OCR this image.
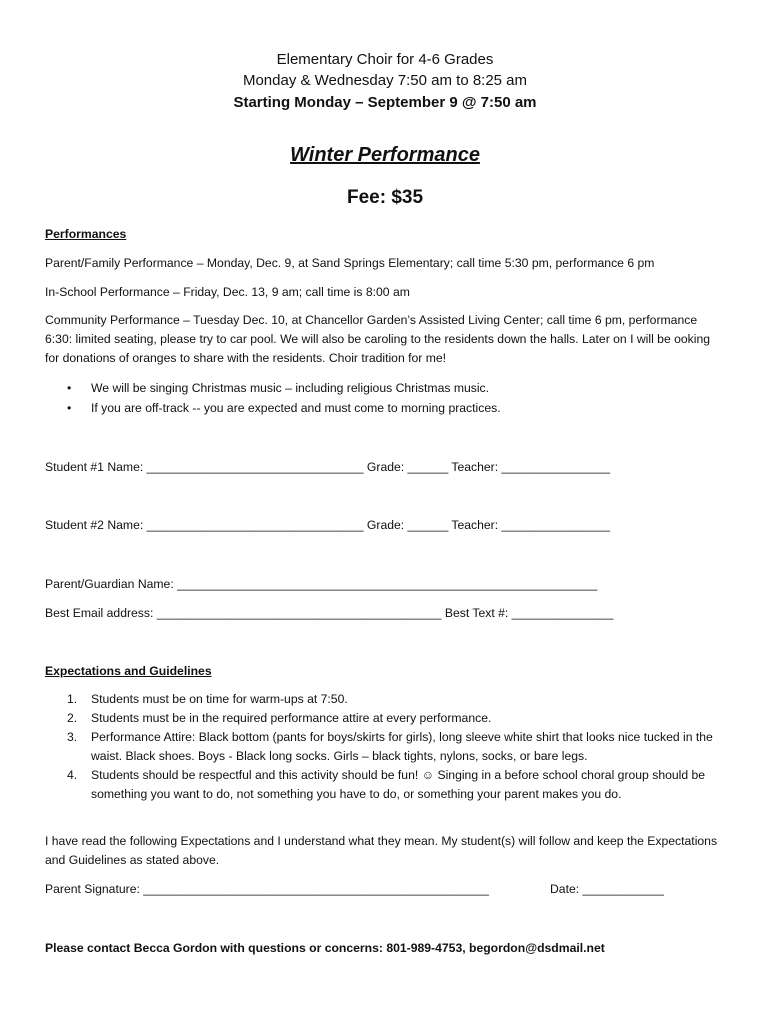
Elementary Choir for 4-6 Grades
Monday & Wednesday 7:50 am to 8:25 am
Starting Monday – September 9 @ 7:50 am
Winter Performance
Fee: $35
Performances
Parent/Family Performance – Monday, Dec. 9, at Sand Springs Elementary; call time 5:30 pm, performance 6 pm
In-School Performance – Friday, Dec. 13, 9 am; call time is 8:00 am
Community Performance – Tuesday Dec. 10, at Chancellor Garden’s Assisted Living Center; call time 6 pm, performance 6:30: limited seating, please try to car pool. We will also be caroling to the residents down the halls. Later on I will be ooking for donations of oranges to share with the residents. Choir tradition for me!
• We will be singing Christmas music – including religious Christmas music.
• If you are off-track -- you are expected and must come to morning practices.
Student #1 Name: ________________________________ Grade: ______ Teacher: ________________
Student #2 Name: ________________________________ Grade: ______ Teacher: ________________
Parent/Guardian Name: ______________________________________________________________
Best Email address: __________________________________________ Best Text #: _______________
Expectations and Guidelines
1. Students must be on time for warm-ups at 7:50.
2. Students must be in the required performance attire at every performance.
3. Performance Attire: Black bottom (pants for boys/skirts for girls), long sleeve white shirt that looks nice tucked in the waist. Black shoes. Boys - Black long socks. Girls – black tights, nylons, socks, or bare legs.
4. Students should be respectful and this activity should be fun! ☺ Singing in a before school choral group should be something you want to do, not something you have to do, or something your parent makes you do.
I have read the following Expectations and I understand what they mean. My student(s) will follow and keep the Expectations and Guidelines as stated above.
Parent Signature: ___________________________________________________	Date: ____________
Please contact Becca Gordon with questions or concerns: 801-989-4753, begordon@dsdmail.net
